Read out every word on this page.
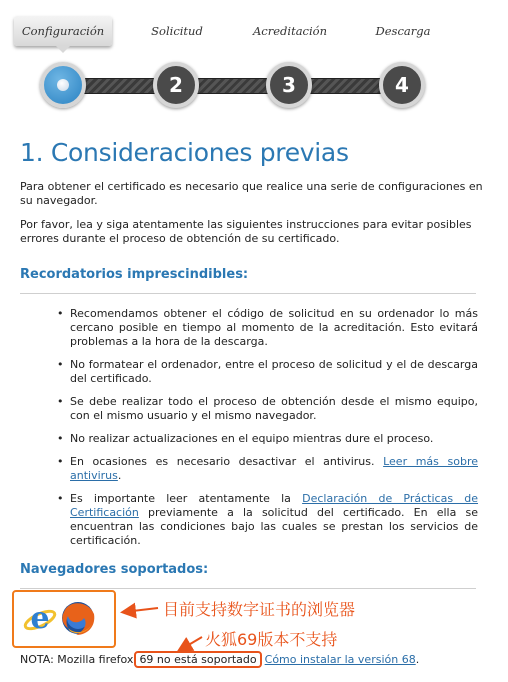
Configuración	Solicitud	Acreditación	Descarga
2	3	4
1. Consideraciones previas

Para obtener el certificado es necesario que realice una serie de configuraciones en su navegador.

Por favor, lea y siga atentamente las siguientes instrucciones para evitar posibles errores durante el proceso de obtención de su certificado.

Recordatorios imprescindibles:
• Recomendamos obtener el código de solicitud en su ordenador lo más cercano posible en tiempo al momento de la acreditación. Esto evitará problemas a la hora de la descarga.
• No formatear el ordenador, entre el proceso de solicitud y el de descarga del certificado.
• Se debe realizar todo el proceso de obtención desde el mismo equipo, con el mismo usuario y el mismo navegador.
• No realizar actualizaciones en el equipo mientras dure el proceso.
• En ocasiones es necesario desactivar el antivirus. Leer más sobre antivirus.
• Es importante leer atentamente la Declaración de Prácticas de Certificación previamente a la solicitud del certificado. En ella se encuentran las condiciones bajo las cuales se prestan los servicios de certificación.
Navegadores soportados:
e	目前支持数字证书的浏览器
火狐69版本不支持
NOTA: Mozilla firefox 69 no está soportado Cómo instalar la versión 68.
